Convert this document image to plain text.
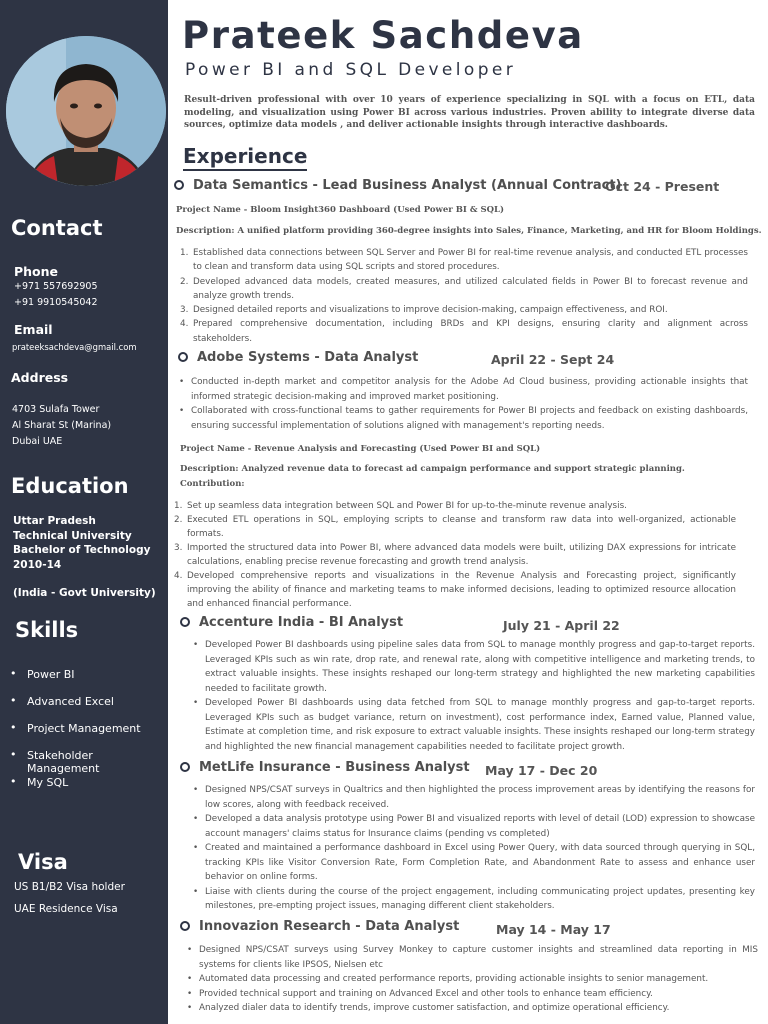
Contact
Phone
+971 557692905
+91 9910545042
Email
prateeksachdeva@gmail.com
Address
4703 Sulafa Tower
Al Sharat St (Marina)
Dubai UAE
Education
Uttar Pradesh
Technical University
Bachelor of Technology
2010-14
(India - Govt University)
Skills
• Power BI
• Advanced Excel
• Project Management
• Stakeholder Management
• My SQL
Visa
US B1/B2 Visa holder
UAE Residence Visa
Prateek Sachdeva
Power BI and SQL Developer
Result-driven professional with over 10 years of experience specializing in SQL with a focus on ETL, data modeling, and visualization using Power BI across various industries. Proven ability to integrate diverse data sources, optimize data models , and deliver actionable insights through interactive dashboards.
Experience
Data Semantics - Lead Business Analyst (Annual Contract)
Oct 24 - Present
Project Name - Bloom Insight360 Dashboard (Used Power BI & SQL)
Description: A unified platform providing 360-degree insights into Sales, Finance, Marketing, and HR for Bloom Holdings.
Established data connections between SQL Server and Power BI for real-time revenue analysis, and conducted ETL processes to clean and transform data using SQL scripts and stored procedures.
Developed advanced data models, created measures, and utilized calculated fields in Power BI to forecast revenue and analyze growth trends.
Designed detailed reports and visualizations to improve decision-making, campaign effectiveness, and ROI.
Prepared comprehensive documentation, including BRDs and KPI designs, ensuring clarity and alignment across stakeholders.
Adobe Systems - Data Analyst	April 22 - Sept 24
• Conducted in-depth market and competitor analysis for the Adobe Ad Cloud business, providing actionable insights that informed strategic decision-making and improved market positioning.
• Collaborated with cross-functional teams to gather requirements for Power BI projects and feedback on existing dashboards, ensuring successful implementation of solutions aligned with management's reporting needs.
Project Name - Revenue Analysis and Forecasting (Used Power BI and SQL)
Description: Analyzed revenue data to forecast ad campaign performance and support strategic planning.
Contribution:
Set up seamless data integration between SQL and Power BI for up-to-the-minute revenue analysis.
Executed ETL operations in SQL, employing scripts to cleanse and transform raw data into well-organized, actionable formats.
Imported the structured data into Power BI, where advanced data models were built, utilizing DAX expressions for intricate calculations, enabling precise revenue forecasting and growth trend analysis.
Developed comprehensive reports and visualizations in the Revenue Analysis and Forecasting project, significantly improving the ability of finance and marketing teams to make informed decisions, leading to optimized resource allocation and enhanced financial performance.
Accenture India - BI Analyst	July 21 - April 22
• Developed Power BI dashboards using pipeline sales data from SQL to manage monthly progress and gap-to-target reports. Leveraged KPIs such as win rate, drop rate, and renewal rate, along with competitive intelligence and marketing trends, to extract valuable insights. These insights reshaped our long-term strategy and highlighted the new marketing capabilities needed to facilitate growth.
• Developed Power BI dashboards using data fetched from SQL to manage monthly progress and gap-to-target reports. Leveraged KPIs such as budget variance, return on investment), cost performance index, Earned value, Planned value, Estimate at completion time, and risk exposure to extract valuable insights. These insights reshaped our long-term strategy and highlighted the new financial management capabilities needed to facilitate project growth.
MetLife Insurance - Business Analyst May 17 - Dec 20
• Designed NPS/CSAT surveys in Qualtrics and then highlighted the process improvement areas by identifying the reasons for low scores, along with feedback received.
• Developed a data analysis prototype using Power BI and visualized reports with level of detail (LOD) expression to showcase account managers' claims status for Insurance claims (pending vs completed)
• Created and maintained a performance dashboard in Excel using Power Query, with data sourced through querying in SQL, tracking KPIs like Visitor Conversion Rate, Form Completion Rate, and Abandonment Rate to assess and enhance user behavior on online forms.
• Liaise with clients during the course of the project engagement, including communicating project updates, presenting key milestones, pre-empting project issues, managing different client stakeholders.
Innovazion Research - Data Analyst	May 14 - May 17
• Designed NPS/CSAT surveys using Survey Monkey to capture customer insights and streamlined data reporting in MIS systems for clients like IPSOS, Nielsen etc
• Automated data processing and created performance reports, providing actionable insights to senior management.
• Provided technical support and training on Advanced Excel and other tools to enhance team efficiency.
• Analyzed dialer data to identify trends, improve customer satisfaction, and optimize operational efficiency.
